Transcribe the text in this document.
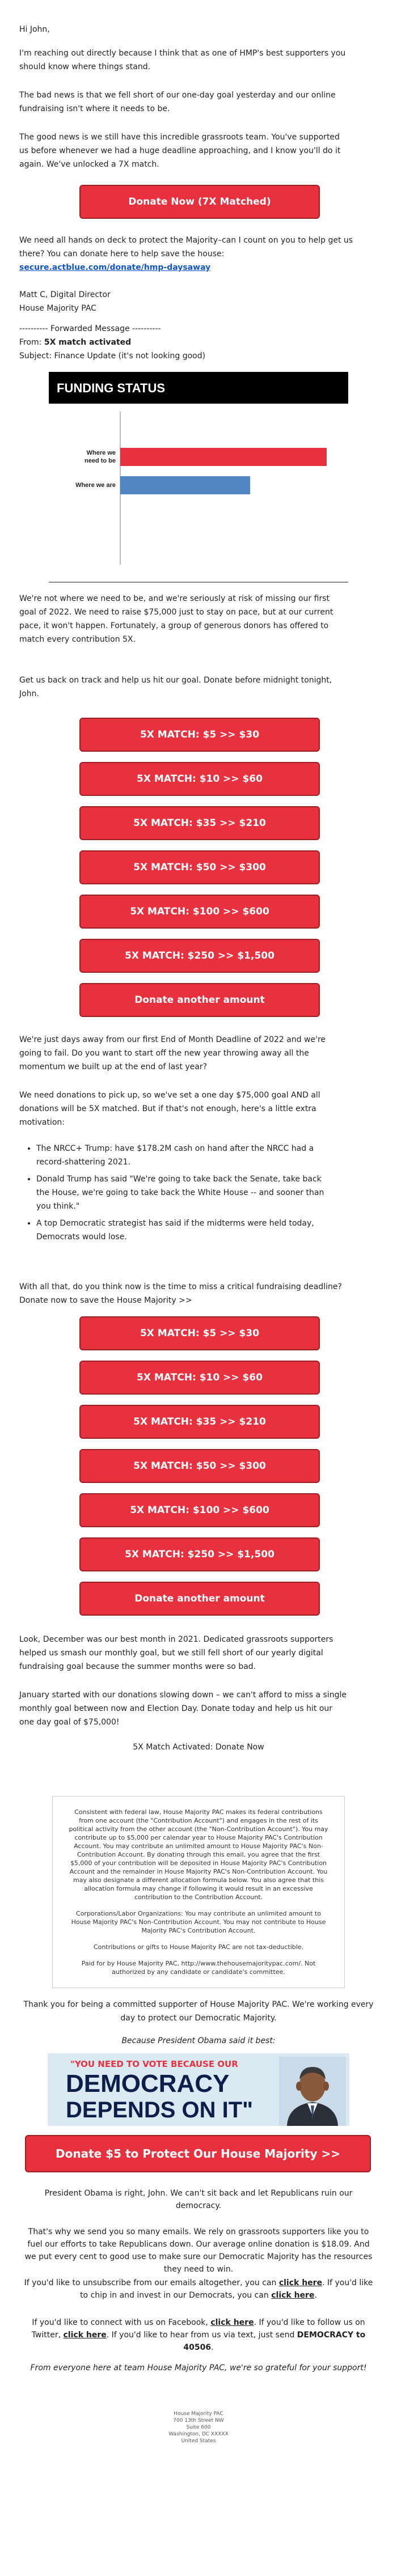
Hi John,

I'm reaching out directly because I think that as one of HMP's best supporters you should know where things stand.

The bad news is that we fell short of our one-day goal yesterday and our online fundraising isn't where it needs to be.

The good news is we still have this incredible grassroots team. You've supported us before whenever we had a huge deadline approaching, and I know you'll do it again. We've unlocked a 7X match.

Donate Now (7X Matched)

We need all hands on deck to protect the Majority–can I count on you to help get us there? You can donate here to help save the house: secure.actblue.com/donate/hmp-daysaway

Matt C, Digital Director

House Majority PAC

---------- Forwarded Message ----------

From: 5X match activated

Subject: Finance Update (it's not looking good)

FUNDING STATUS
Where we
need to be
Where we are

We're not where we need to be, and we're seriously at risk of missing our first goal of 2022. We need to raise $75,000 just to stay on pace, but at our current pace, it won't happen. Fortunately, a group of generous donors has offered to match every contribution 5X.

Get us back on track and help us hit our goal. Donate before midnight tonight, John.

5X MATCH: $5 >> $30
5X MATCH: $10 >> $60
5X MATCH: $35 >> $210
5X MATCH: $50 >> $300
5X MATCH: $100 >> $600
5X MATCH: $250 >> $1,500
Donate another amount

We're just days away from our first End of Month Deadline of 2022 and we're going to fail. Do you want to start off the new year throwing away all the momentum we built up at the end of last year?

We need donations to pick up, so we've set a one day $75,000 goal AND all donations will be 5X matched. But if that's not enough, here's a little extra motivation:

• The NRCC+ Trump: have $178.2M cash on hand after the NRCC had a record-shattering 2021.
• Donald Trump has said "We're going to take back the Senate, take back the House, we're going to take back the White House -- and sooner than you think."
• A top Democratic strategist has said if the midterms were held today, Democrats would lose.

With all that, do you think now is the time to miss a critical fundraising deadline? Donate now to save the House Majority >>

5X MATCH: $5 >> $30
5X MATCH: $10 >> $60
5X MATCH: $35 >> $210
5X MATCH: $50 >> $300
5X MATCH: $100 >> $600
5X MATCH: $250 >> $1,500
Donate another amount

Look, December was our best month in 2021. Dedicated grassroots supporters helped us smash our monthly goal, but we still fell short of our yearly digital fundraising goal because the summer months were so bad.

January started with our donations slowing down – we can't afford to miss a single monthly goal between now and Election Day. Donate today and help us hit our one day goal of $75,000!

5X Match Activated: Donate Now

Consistent with federal law, House Majority PAC makes its federal contributions from one account (the "Contribution Account") and engages in the rest of its political activity from the other account (the "Non-Contribution Account"). You may contribute up to $5,000 per calendar year to House Majority PAC's Contribution Account. You may contribute an unlimited amount to House Majority PAC's Non-Contribution Account. By donating through this email, you agree that the first $5,000 of your contribution will be deposited in House Majority PAC's Contribution Account and the remainder in House Majority PAC's Non-Contribution Account. You may also designate a different allocation formula below. You also agree that this allocation formula may change if following it would result in an excessive contribution to the Contribution Account.

Corporations/Labor Organizations: You may contribute an unlimited amount to House Majority PAC's Non-Contribution Account. You may not contribute to House Majority PAC's Contribution Account.

Contributions or gifts to House Majority PAC are not tax-deductible.

Paid for by House Majority PAC, http://www.thehousemajoritypac.com/. Not authorized by any candidate or candidate's committee.

Thank you for being a committed supporter of House Majority PAC. We're working every day to protect our Democratic Majority.

Because President Obama said it best:

"YOU NEED TO VOTE BECAUSE OUR
DEMOCRACY
DEPENDS ON IT"
Donate $5 to Protect Our House Majority >>

President Obama is right, John. We can't sit back and let Republicans ruin our democracy.

That's why we send you so many emails. We rely on grassroots supporters like you to fuel our efforts to take Republicans down. Our average online donation is $18.09. And we put every cent to good use to make sure our Democratic Majority has the resources they need to win.

If you'd like to unsubscribe from our emails altogether, you can click here. If you'd like to chip in and invest in our Democrats, you can click here.

If you'd like to connect with us on Facebook, click here. If you'd like to follow us on Twitter, click here. If you'd like to hear from us via text, just send DEMOCRACY to 40506.

From everyone here at team House Majority PAC, we're so grateful for your support!

House Majority PAC
700 13th Street NW
Suite 600
Washington, DC XXXXX
United States
